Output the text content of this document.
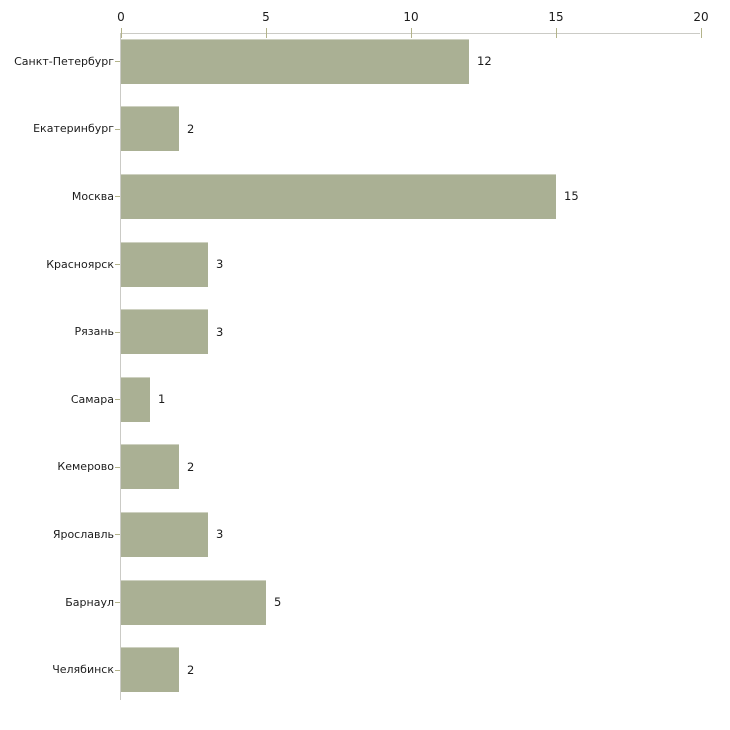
0	5	10	15	20
Санкт-Петербург	12
Екатеринбург	2
Москва	15
Красноярск	3
Рязань	3
Самара	1
Кемерово	2
Ярославль	3
Барнаул	5
Челябинск	2
